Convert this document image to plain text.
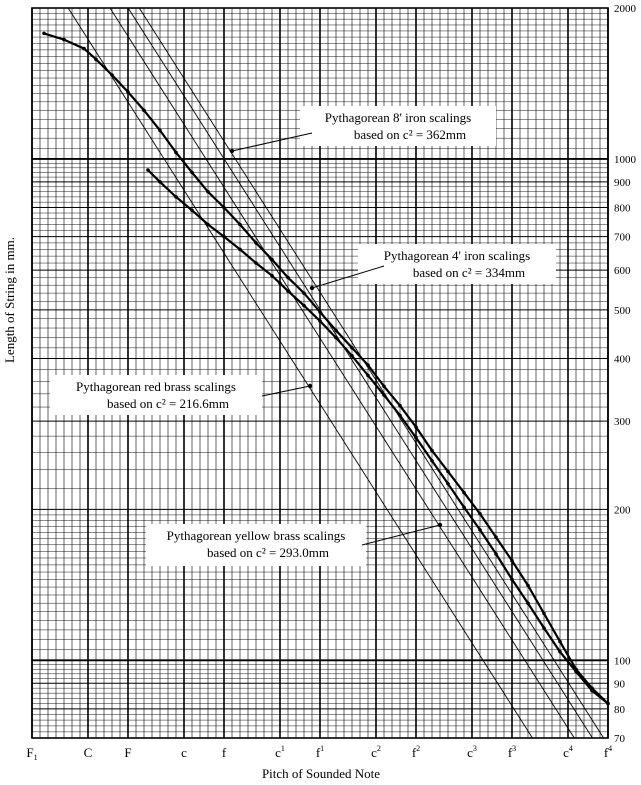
$F_1$	C F	c	f	$c^1$ $f^1$	$c^2$ $f^2$	$c^3$ $f^3$	$c^4$ $f^4$
2000
1000
900
800
700
600
500
400
300
200
100
90
80
70
Pythagorean 8' iron scalings
based on c² = 362mm
Pythagorean 4' iron scalings
based on c² = 334mm
Pythagorean red brass scalings
based on c² = 216.6mm
Pythagorean yellow brass scalings
based on c² = 293.0mm
Pitch of Sounded Note
Length of String in mm.
